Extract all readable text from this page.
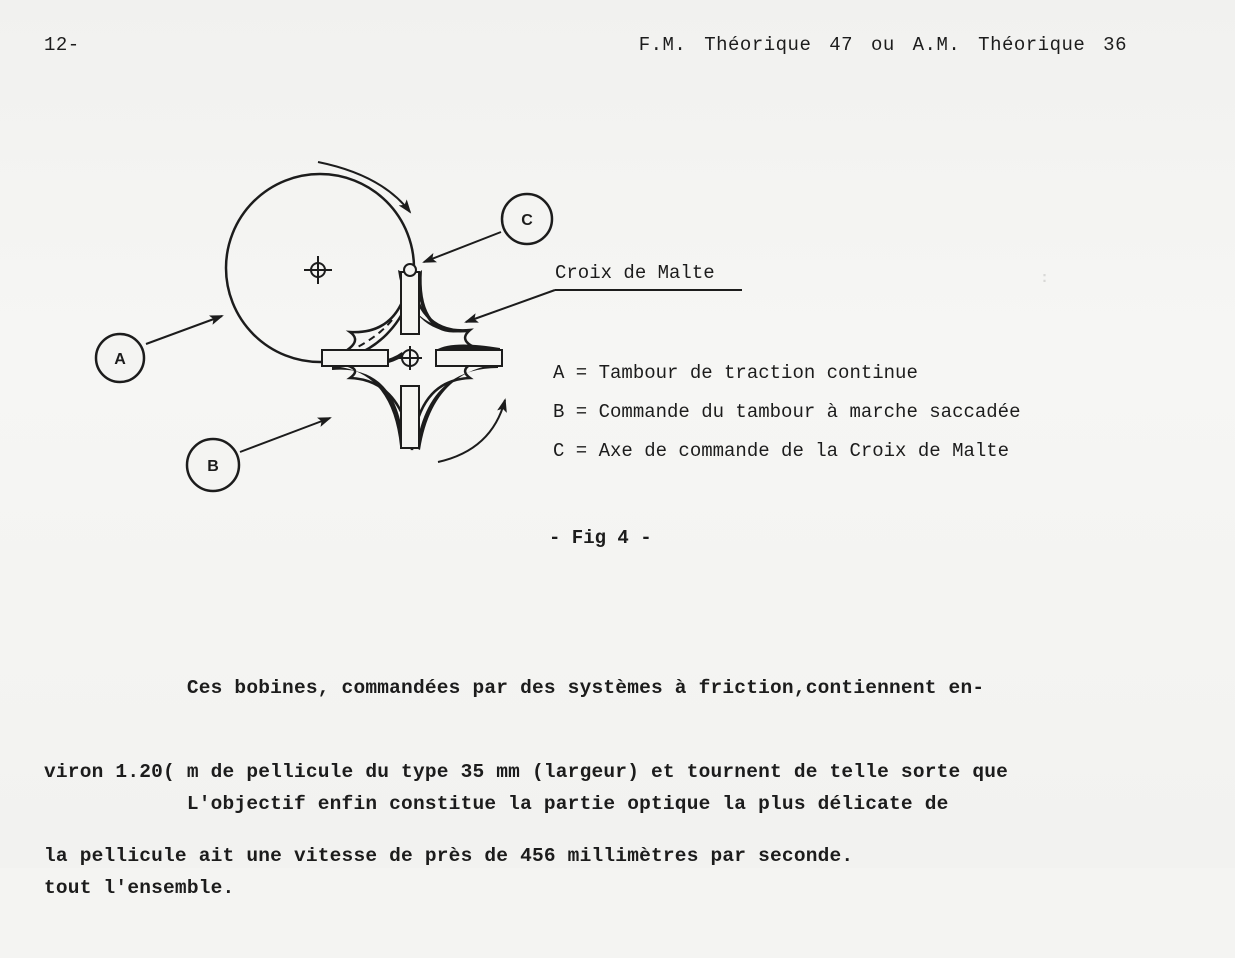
12-	F.M. Théorique 47 ou A.M. Théorique 36
:
A
B
C
Croix de Malte
A = Tambour de traction continue
B = Commande du tambour à marche saccadée
C = Axe de commande de la Croix de Malte
- Fig 4 -

Ces bobines, commandées par des systèmes à friction,contiennent en-

viron 1.20( m de pellicule du type 35 mm (largeur) et tournent de telle sorte que

la pellicule ait une vitesse de près de 456 millimètres par seconde.

L'objectif enfin constitue la partie optique la plus délicate de

tout l'ensemble.
